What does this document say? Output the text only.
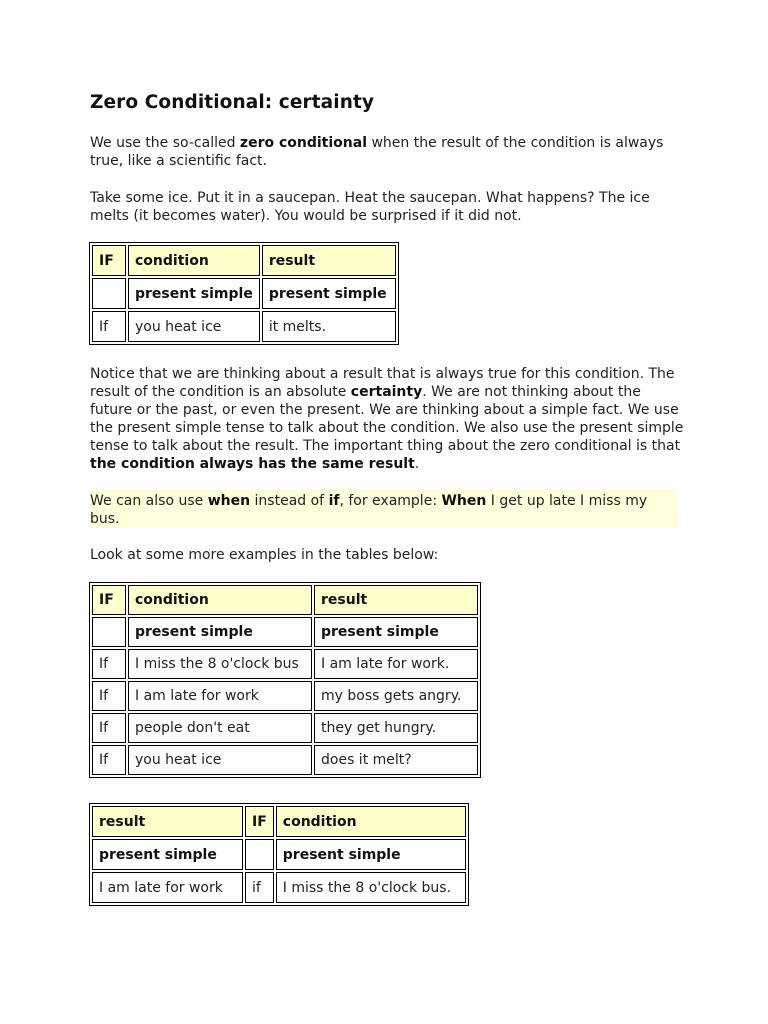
Zero Conditional: certainty

We use the so-called zero conditional when the result of the condition is always true, like a scientific fact.

Take some ice. Put it in a saucepan. Heat the saucepan. What happens? The ice melts (it becomes water). You would be surprised if it did not.

IF	condition	result
	present simple	present simple
If	you heat ice	it melts.

Notice that we are thinking about a result that is always true for this condition. The result of the condition is an absolute certainty. We are not thinking about the future or the past, or even the present. We are thinking about a simple fact. We use the present simple tense to talk about the condition. We also use the present simple tense to talk about the result. The important thing about the zero conditional is that the condition always has the same result.

We can also use when instead of if, for example: When I get up late I miss my bus.

Look at some more examples in the tables below:

IF	condition	result
	present simple	present simple
If	I miss the 8 o'clock bus	I am late for work.
If	I am late for work	my boss gets angry.
If	people don't eat	they get hungry.
If	you heat ice	does it melt?
result	IF	condition
present simple		present simple
I am late for work	if	I miss the 8 o'clock bus.
